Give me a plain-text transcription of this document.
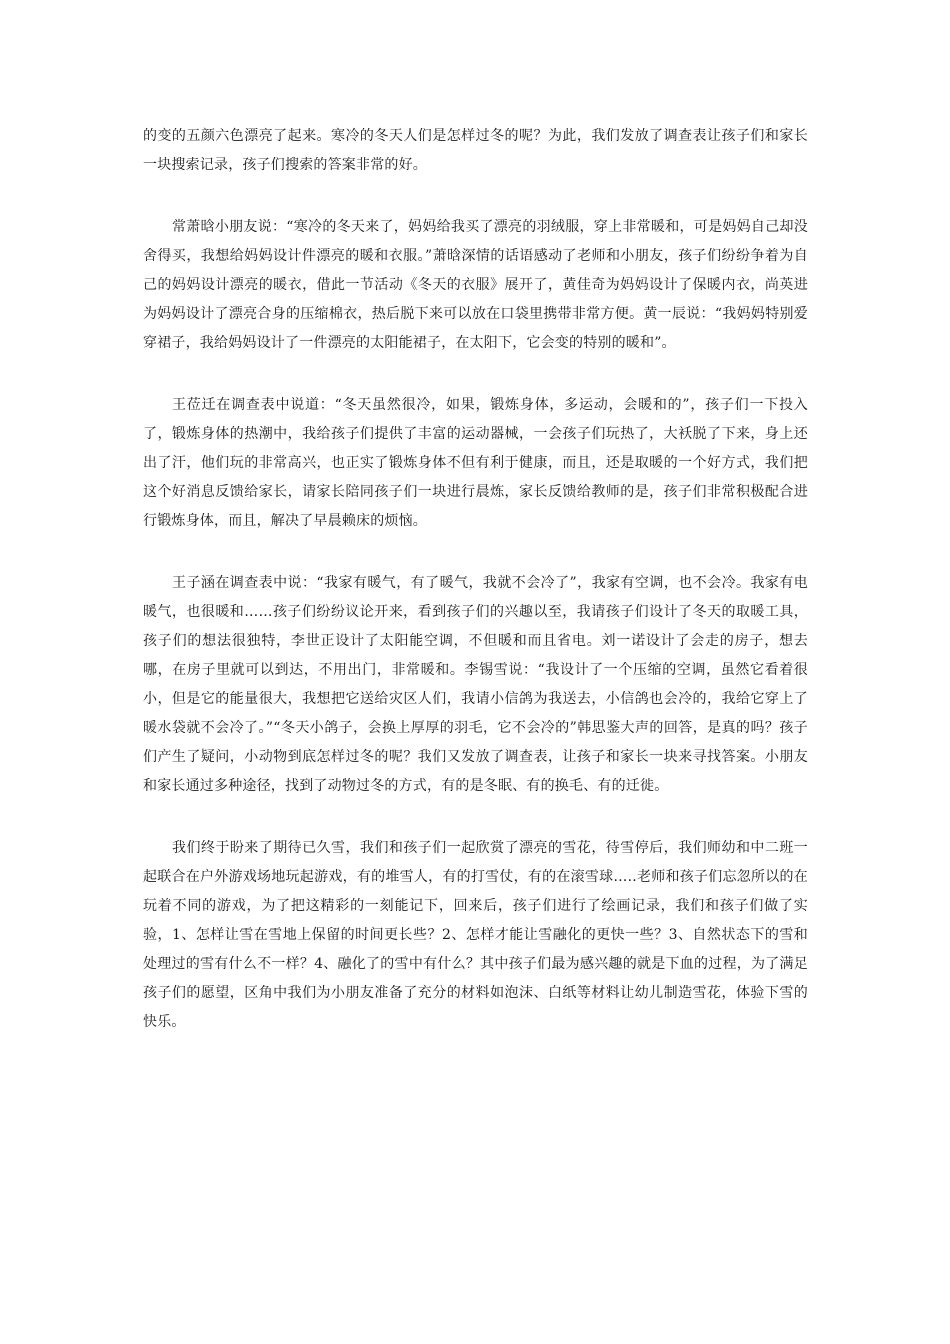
的变的五颜六色漂亮了起来。寒冷的冬天人们是怎样过冬的呢？为此，我们发放了调查表让孩子们和家长一块搜索记录，孩子们搜索的答案非常的好。

常萧晗小朋友说：“寒冷的冬天来了，妈妈给我买了漂亮的羽绒服，穿上非常暖和，可是妈妈自己却没舍得买，我想给妈妈设计件漂亮的暖和衣服。”萧晗深情的话语感动了老师和小朋友，孩子们纷纷争着为自己的妈妈设计漂亮的暖衣，借此一节活动《冬天的衣服》展开了，黄佳奇为妈妈设计了保暖内衣，尚英进为妈妈设计了漂亮合身的压缩棉衣，热后脱下来可以放在口袋里携带非常方便。黄一辰说：“我妈妈特别爱穿裙子，我给妈妈设计了一件漂亮的太阳能裙子，在太阳下，它会变的特别的暖和”。

王莅迁在调查表中说道：“冬天虽然很冷，如果，锻炼身体，多运动，会暖和的”，孩子们一下投入了，锻炼身体的热潮中，我给孩子们提供了丰富的运动器械，一会孩子们玩热了，大袄脱了下来，身上还出了汗，他们玩的非常高兴，也正实了锻炼身体不但有利于健康，而且，还是取暖的一个好方式，我们把这个好消息反馈给家长，请家长陪同孩子们一块进行晨炼，家长反馈给教师的是，孩子们非常积极配合进行锻炼身体，而且，解决了早晨赖床的烦恼。

王子涵在调查表中说：“我家有暖气，有了暖气，我就不会冷了”，我家有空调，也不会冷。我家有电暖气，也很暖和……孩子们纷纷议论开来，看到孩子们的兴趣以至，我请孩子们设计了冬天的取暖工具，孩子们的想法很独特，李世正设计了太阳能空调，不但暖和而且省电。刘一诺设计了会走的房子，想去哪，在房子里就可以到达，不用出门，非常暖和。李锡雪说：“我设计了一个压缩的空调，虽然它看着很小，但是它的能量很大，我想把它送给灾区人们，我请小信鸽为我送去，小信鸽也会冷的，我给它穿上了暖水袋就不会冷了。”“冬天小鸽子，会换上厚厚的羽毛，它不会冷的”韩思鉴大声的回答，是真的吗？孩子们产生了疑问，小动物到底怎样过冬的呢？我们又发放了调查表，让孩子和家长一块来寻找答案。小朋友和家长通过多种途径，找到了动物过冬的方式，有的是冬眠、有的换毛、有的迁徙。

我们终于盼来了期待已久雪，我们和孩子们一起欣赏了漂亮的雪花，待雪停后，我们师幼和中二班一起联合在户外游戏场地玩起游戏，有的堆雪人，有的打雪仗，有的在滚雪球…..老师和孩子们忘忽所以的在玩着不同的游戏，为了把这精彩的一刻能记下，回来后，孩子们进行了绘画记录，我们和孩子们做了实验，1、怎样让雪在雪地上保留的时间更长些？2、怎样才能让雪融化的更快一些？3、自然状态下的雪和处理过的雪有什么不一样？4、融化了的雪中有什么？其中孩子们最为感兴趣的就是下血的过程，为了满足孩子们的愿望，区角中我们为小朋友准备了充分的材料如泡沫、白纸等材料让幼儿制造雪花，体验下雪的快乐。
